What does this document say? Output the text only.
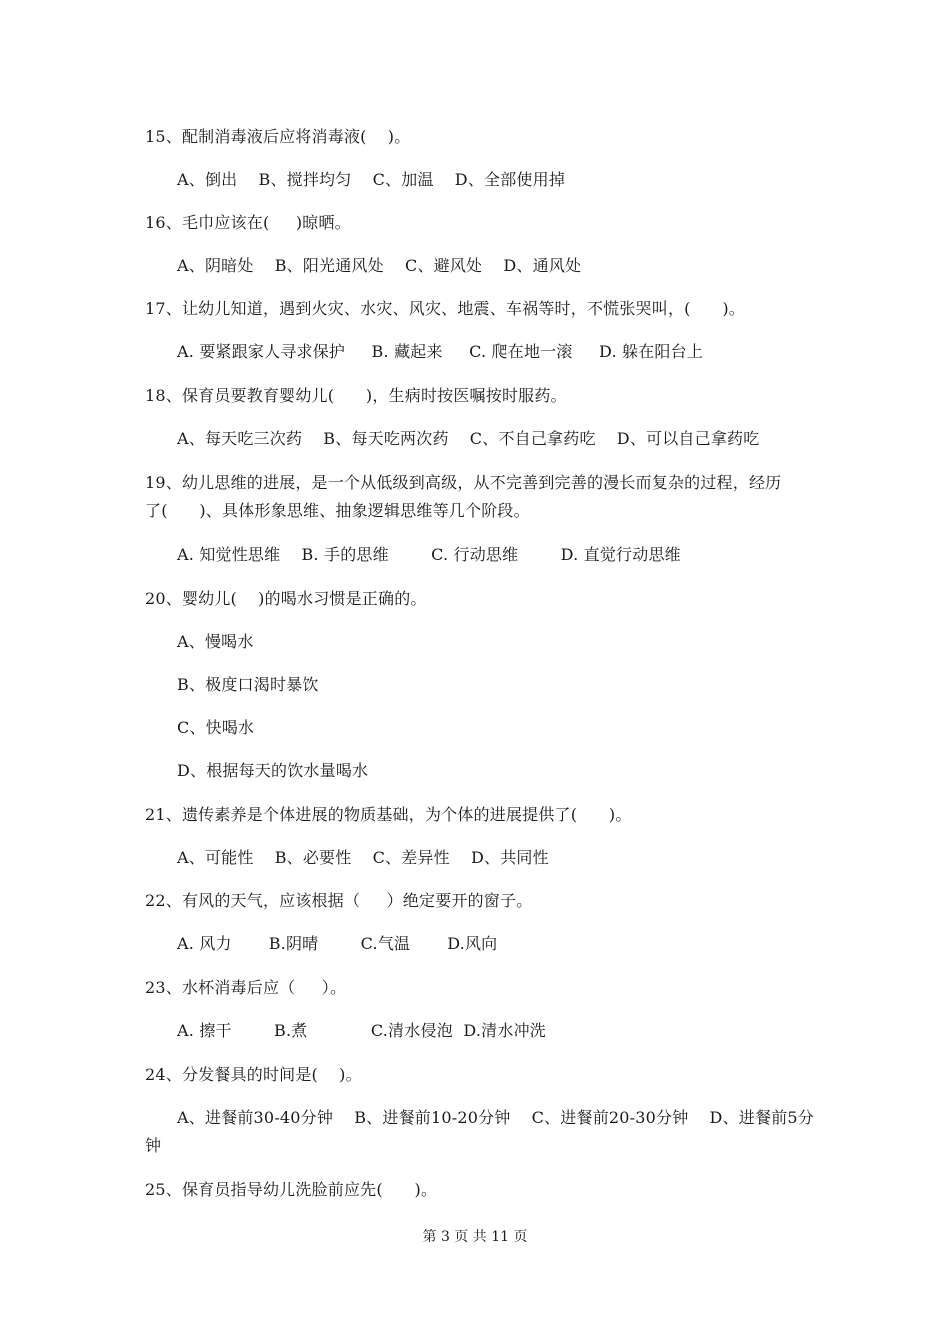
15、配制消毒液后应将消毒液(    )。
A、倒出    B、搅拌均匀    C、加温    D、全部使用掉
16、毛巾应该在(     )晾晒。
A、阴暗处    B、阳光通风处    C、避风处    D、通风处
17、让幼儿知道，遇到火灾、水灾、风灾、地震、车祸等时，不慌张哭叫，(      )。
A. 要紧跟家人寻求保护     B. 藏起来     C. 爬在地一滚     D. 躲在阳台上
18、保育员要教育婴幼儿(      )，生病时按医嘱按时服药。
A、每天吃三次药    B、每天吃两次药    C、不自己拿药吃    D、可以自己拿药吃
19、幼儿思维的进展，是一个从低级到高级，从不完善到完善的漫长而复杂的过程，经历
了(      )、具体形象思维、抽象逻辑思维等几个阶段。
A. 知觉性思维    B. 手的思维        C. 行动思维        D. 直觉行动思维
20、婴幼儿(    )的喝水习惯是正确的。
A、慢喝水
B、极度口渴时暴饮
C、快喝水
D、根据每天的饮水量喝水
21、遗传素养是个体进展的物质基础，为个体的进展提供了(      )。
A、可能性    B、必要性    C、差异性    D、共同性
22、有风的天气，应该根据（     ）绝定要开的窗子。
A. 风力       B.阴晴        C.气温       D.风向
23、水杯消毒后应（     ）。
A. 擦干        B.煮            C.清水侵泡  D.清水冲洗
24、分发餐具的时间是(    )。
A、进餐前30-40分钟    B、进餐前10-20分钟    C、进餐前20-30分钟    D、进餐前5分
钟
25、保育员指导幼儿洗脸前应先(      )。
第 3 页 共 11 页
